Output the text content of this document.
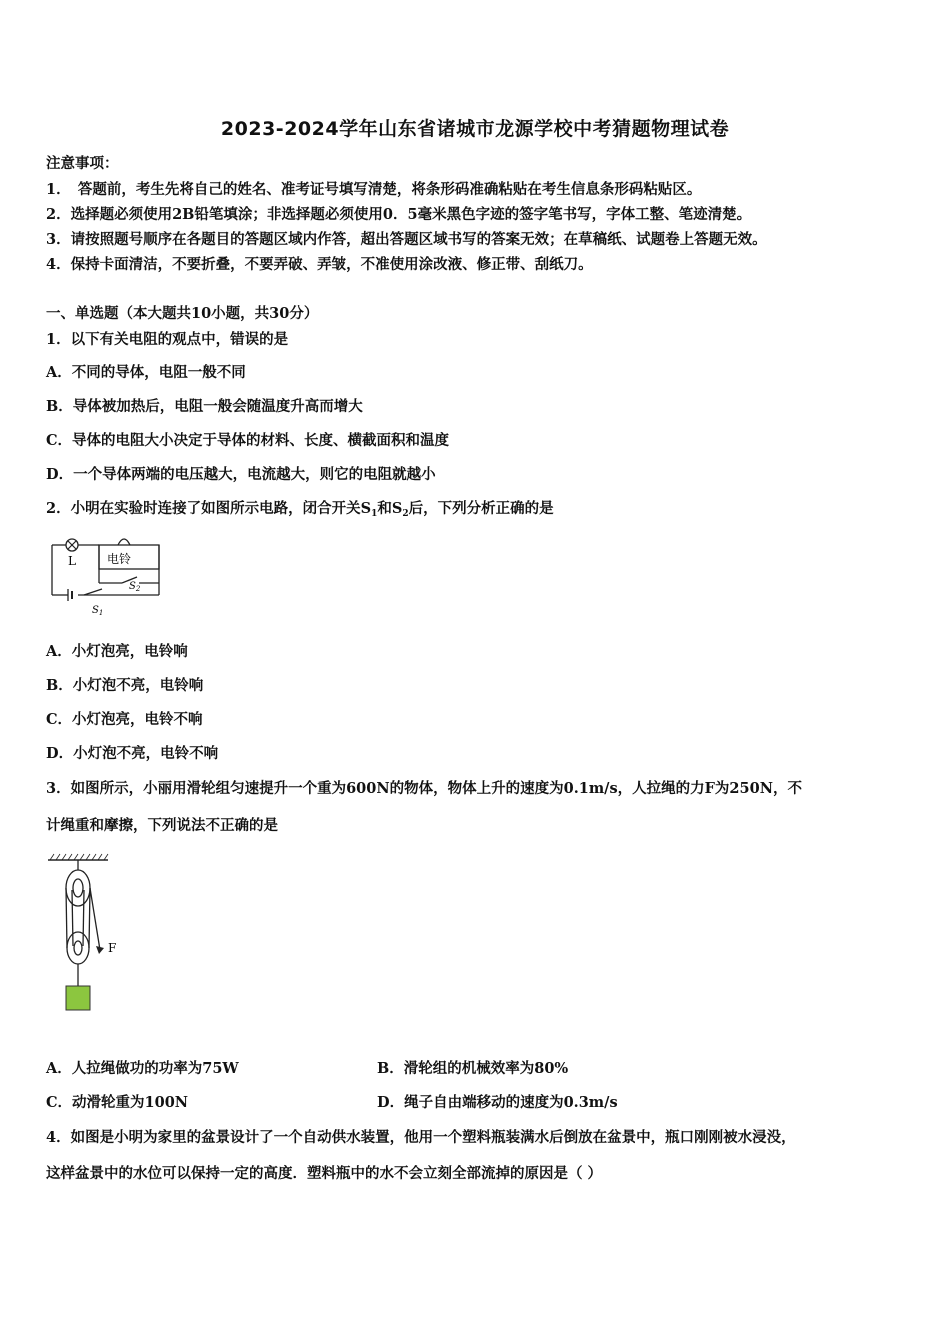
2023-2024学年山东省诸城市龙源学校中考猜题物理试卷
注意事项：
1．　答题前，考生先将自己的姓名、准考证号填写清楚，将条形码准确粘贴在考生信息条形码粘贴区。
2．选择题必须使用2B铅笔填涂；非选择题必须使用0．5毫米黑色字迹的签字笔书写，字体工整、笔迹清楚。
3．请按照题号顺序在各题目的答题区域内作答，超出答题区域书写的答案无效；在草稿纸、试题卷上答题无效。
4．保持卡面清洁，不要折叠，不要弄破、弄皱，不准使用涂改液、修正带、刮纸刀。
一、单选题（本大题共10小题，共30分）
1．以下有关电阻的观点中，错误的是
A．不同的导体，电阻一般不同
B．导体被加热后，电阻一般会随温度升高而增大
C．导体的电阻大小决定于导体的材料、长度、横截面积和温度
D．一个导体两端的电压越大，电流越大，则它的电阻就越小
2．小明在实验时连接了如图所示电路，闭合开关$S_1$和$S_2$后，下列分析正确的是
L	电铃
$S_2$
$S_1$
A．小灯泡亮，电铃响
B．小灯泡不亮，电铃响
C．小灯泡亮，电铃不响
D．小灯泡不亮，电铃不响
3．如图所示，小丽用滑轮组匀速提升一个重为600N的物体，物体上升的速度为0.1m/s，人拉绳的力F为250N，不
计绳重和摩擦，下列说法不正确的是
F
A．人拉绳做功的功率为75W	B．滑轮组的机械效率为80%
C．动滑轮重为100N	D．绳子自由端移动的速度为0.3m/s
4．如图是小明为家里的盆景设计了一个自动供水装置，他用一个塑料瓶装满水后倒放在盆景中，瓶口刚刚被水浸没，
这样盆景中的水位可以保持一定的高度．塑料瓶中的水不会立刻全部流掉的原因是（ ）
